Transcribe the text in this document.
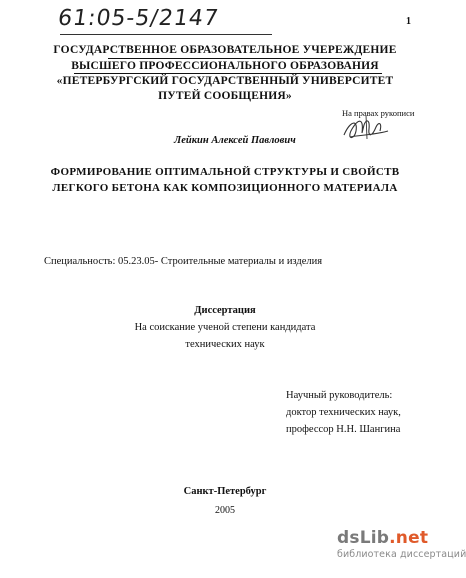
61:05-5/2147	1
ГОСУДАРСТВЕННОЕ ОБРАЗОВАТЕЛЬНОЕ УЧЕРЕЖДЕНИЕ
ВЫСШЕГО ПРОФЕССИОНАЛЬНОГО ОБРАЗОВАНИЯ
«ПЕТЕРБУРГСКИЙ ГОСУДАРСТВЕННЫЙ УНИВЕРСИТЕТ
ПУТЕЙ СООБЩЕНИЯ»
На правах рукописи
Лейкин Алексей Павлович
ФОРМИРОВАНИЕ ОПТИМАЛЬНОЙ СТРУКТУРЫ И СВОЙСТВ
ЛЕГКОГО БЕТОНА КАК КОМПОЗИЦИОННОГО МАТЕРИАЛА
Специальность: 05.23.05- Строительные материалы и изделия
Диссертация
На соискание ученой степени кандидата
технических наук
Научный руководитель:
доктор технических наук,
профессор Н.Н. Шангина
Санкт-Петербург
2005
dsLib.net
библиотека диссертаций
